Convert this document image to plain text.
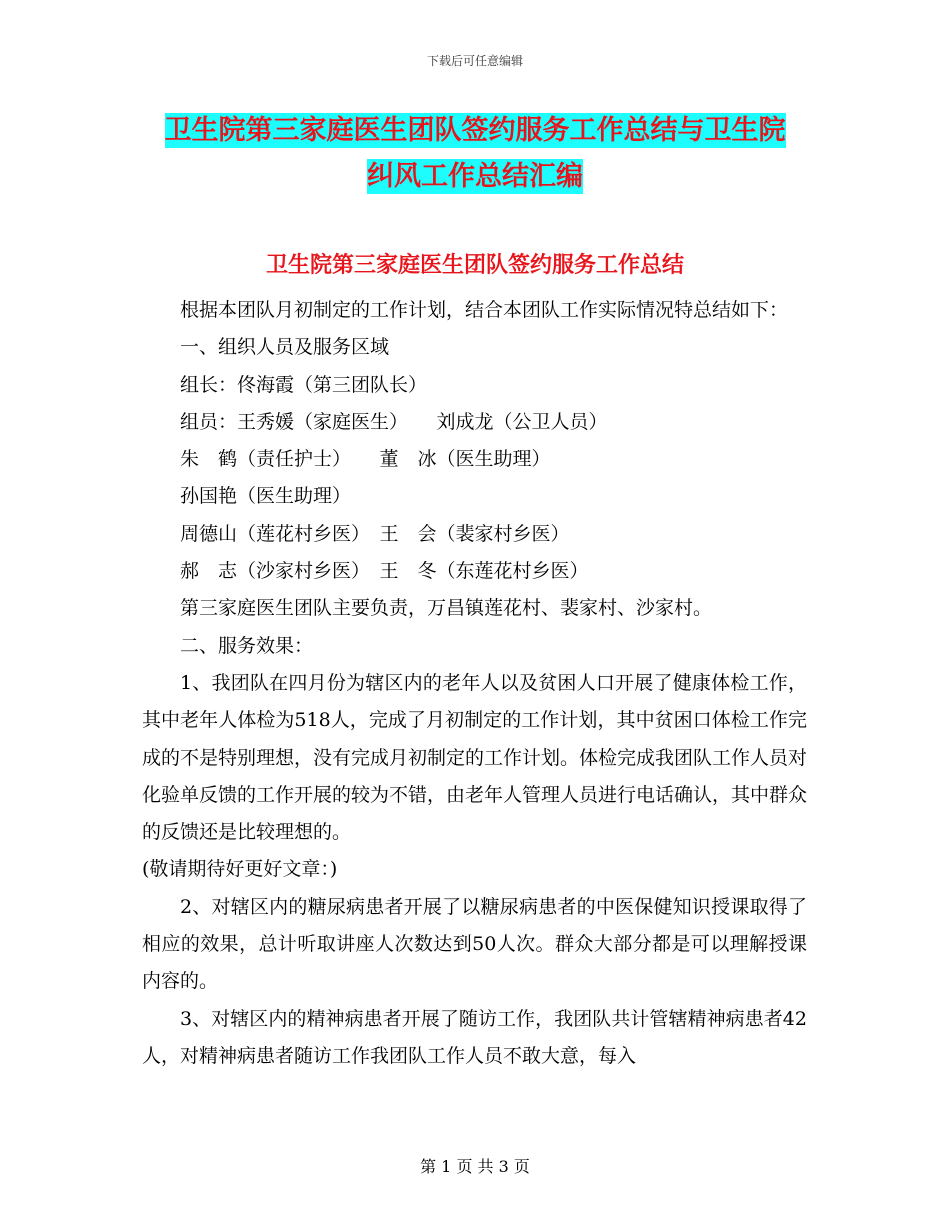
下载后可任意编辑
卫生院第三家庭医生团队签约服务工作总结与卫生院
纠风工作总结汇编
卫生院第三家庭医生团队签约服务工作总结

根据本团队月初制定的工作计划，结合本团队工作实际情况特总结如下：

一、组织人员及服务区域

组长：佟海霞（第三团队长）

组员：王秀媛（家庭医生）　　刘成龙（公卫人员）

朱　鹤（责任护士）　　董　冰（医生助理）

孙国艳（医生助理）

周德山（莲花村乡医）　王　会（裴家村乡医）

郝　志（沙家村乡医）　王　冬（东莲花村乡医）

第三家庭医生团队主要负责，万昌镇莲花村、裴家村、沙家村。

二、服务效果：

1、我团队在四月份为辖区内的老年人以及贫困人口开展了健康体检工作，其中老年人体检为518人，完成了月初制定的工作计划，其中贫困口体检工作完成的不是特别理想，没有完成月初制定的工作计划。体检完成我团队工作人员对化验单反馈的工作开展的较为不错，由老年人管理人员进行电话确认，其中群众的反馈还是比较理想的。

(敬请期待好更好文章：)

2、对辖区内的糖尿病患者开展了以糖尿病患者的中医保健知识授课取得了相应的效果，总计听取讲座人次数达到50人次。群众大部分都是可以理解授课内容的。

3、对辖区内的精神病患者开展了随访工作，我团队共计管辖精神病患者42人，对精神病患者随访工作我团队工作人员不敢大意，每入

第 1 页 共 3 页
